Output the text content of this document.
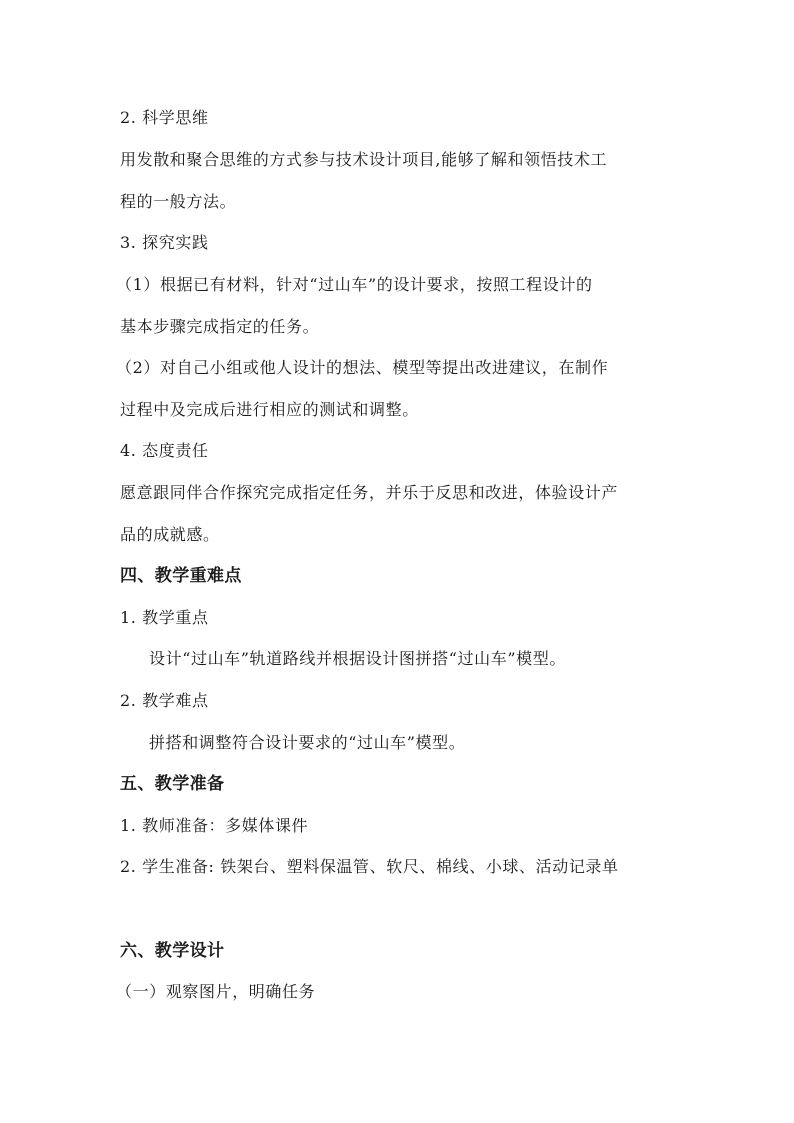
2. 科学思维
用发散和聚合思维的方式参与技术设计项目,能够了解和领悟技术工
程的一般方法。
3. 探究实践
（1）根据已有材料，针对“过山车”的设计要求，按照工程设计的
基本步骤完成指定的任务。
（2）对自己小组或他人设计的想法、模型等提出改进建议，在制作
过程中及完成后进行相应的测试和调整。
4. 态度责任
愿意跟同伴合作探究完成指定任务，并乐于反思和改进，体验设计产
品的成就感。
四、教学重难点
1. 教学重点
设计“过山车”轨道路线并根据设计图拼搭“过山车”模型。
2. 教学难点
拼搭和调整符合设计要求的“过山车”模型。
五、教学准备
1. 教师准备：多媒体课件
2. 学生准备: 铁架台、塑料保温管、软尺、棉线、小球、活动记录单
六、教学设计
（一）观察图片，明确任务
